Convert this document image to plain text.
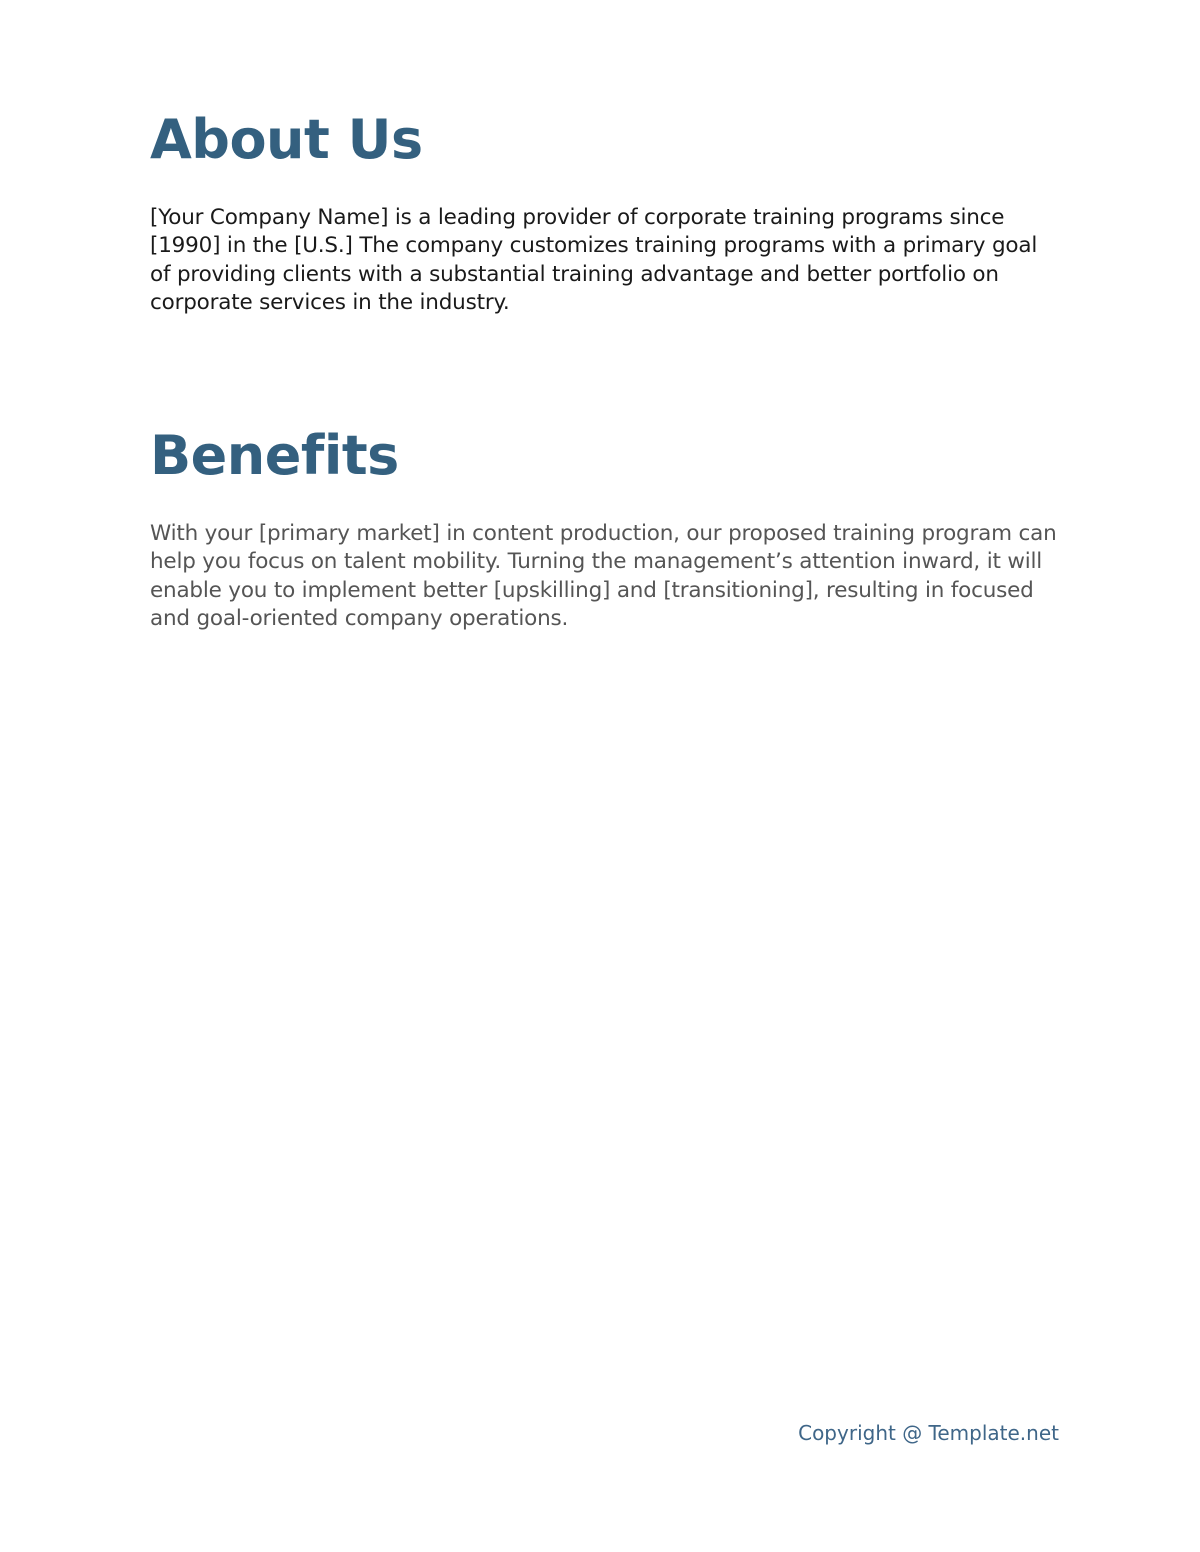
About Us

[Your Company Name] is a leading provider of corporate training programs since [1990] in the [U.S.] The company customizes training programs with a primary goal of providing clients with a substantial training advantage and better portfolio on corporate services in the industry.

Benefits

With your [primary market] in content production, our proposed training program can help you focus on talent mobility. Turning the management’s attention inward, it will enable you to implement better [upskilling] and [transitioning], resulting in focused and goal-oriented company operations.

Copyright @ Template.net
